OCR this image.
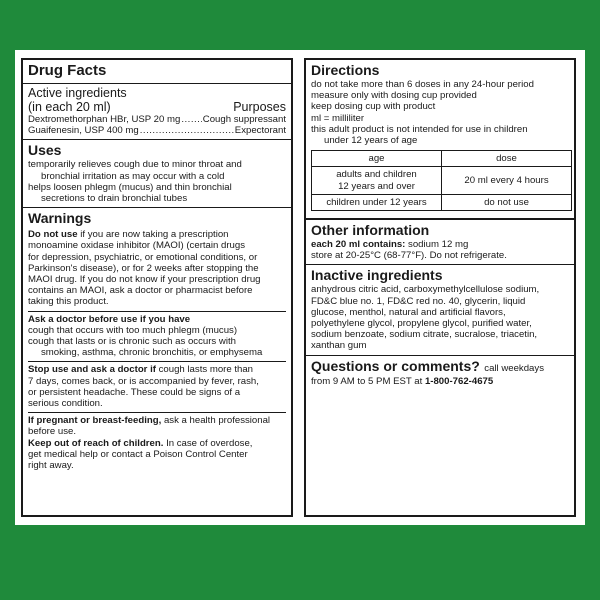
Drug Facts
Active ingredients
(in each 20 ml)	Purposes
Dextromethorphan HBr, USP 20 mg ..... Cough suppressant
Guaifenesin, USP 400 mg .....	Expectorant
Uses
temporarily relieves cough due to minor throat and
bronchial irritation as may occur with a cold
helps loosen phlegm (mucus) and thin bronchial
secretions to drain bronchial tubes
Warnings
Do not use if you are now taking a prescription
monoamine oxidase inhibitor (MAOI) (certain drugs
for depression, psychiatric, or emotional conditions, or
Parkinson's disease), or for 2 weeks after stopping the
MAOI drug. If you do not know if your prescription drug
contains an MAOI, ask a doctor or pharmacist before
taking this product.
Ask a doctor before use if you have
cough that occurs with too much phlegm (mucus)
cough that lasts or is chronic such as occurs with
smoking, asthma, chronic bronchitis, or emphysema
Stop use and ask a doctor if cough lasts more than
7 days, comes back, or is accompanied by fever, rash,
or persistent headache. These could be signs of a
serious condition.
If pregnant or breast-feeding, ask a health professional
before use.
Keep out of reach of children. In case of overdose,
get medical help or contact a Poison Control Center
right away.
Directions
do not take more than 6 doses in any 24-hour period
measure only with dosing cup provided
keep dosing cup with product
ml = milliliter
this adult product is not intended for use in children
under 12 years of age
age	dose
adults and children
12 years and over	20 ml every 4 hours
children under 12 years	do not use
Other information
each 20 ml contains: sodium 12 mg
store at 20-25°C (68-77°F). Do not refrigerate.
Inactive ingredients
anhydrous citric acid, carboxymethylcellulose sodium,
FD&C blue no. 1, FD&C red no. 40, glycerin, liquid
glucose, menthol, natural and artificial flavors,
polyethylene glycol, propylene glycol, purified water,
sodium benzoate, sodium citrate, sucralose, triacetin,
xanthan gum
Questions or comments? call weekdays
from 9 AM to 5 PM EST at 1-800-762-4675
